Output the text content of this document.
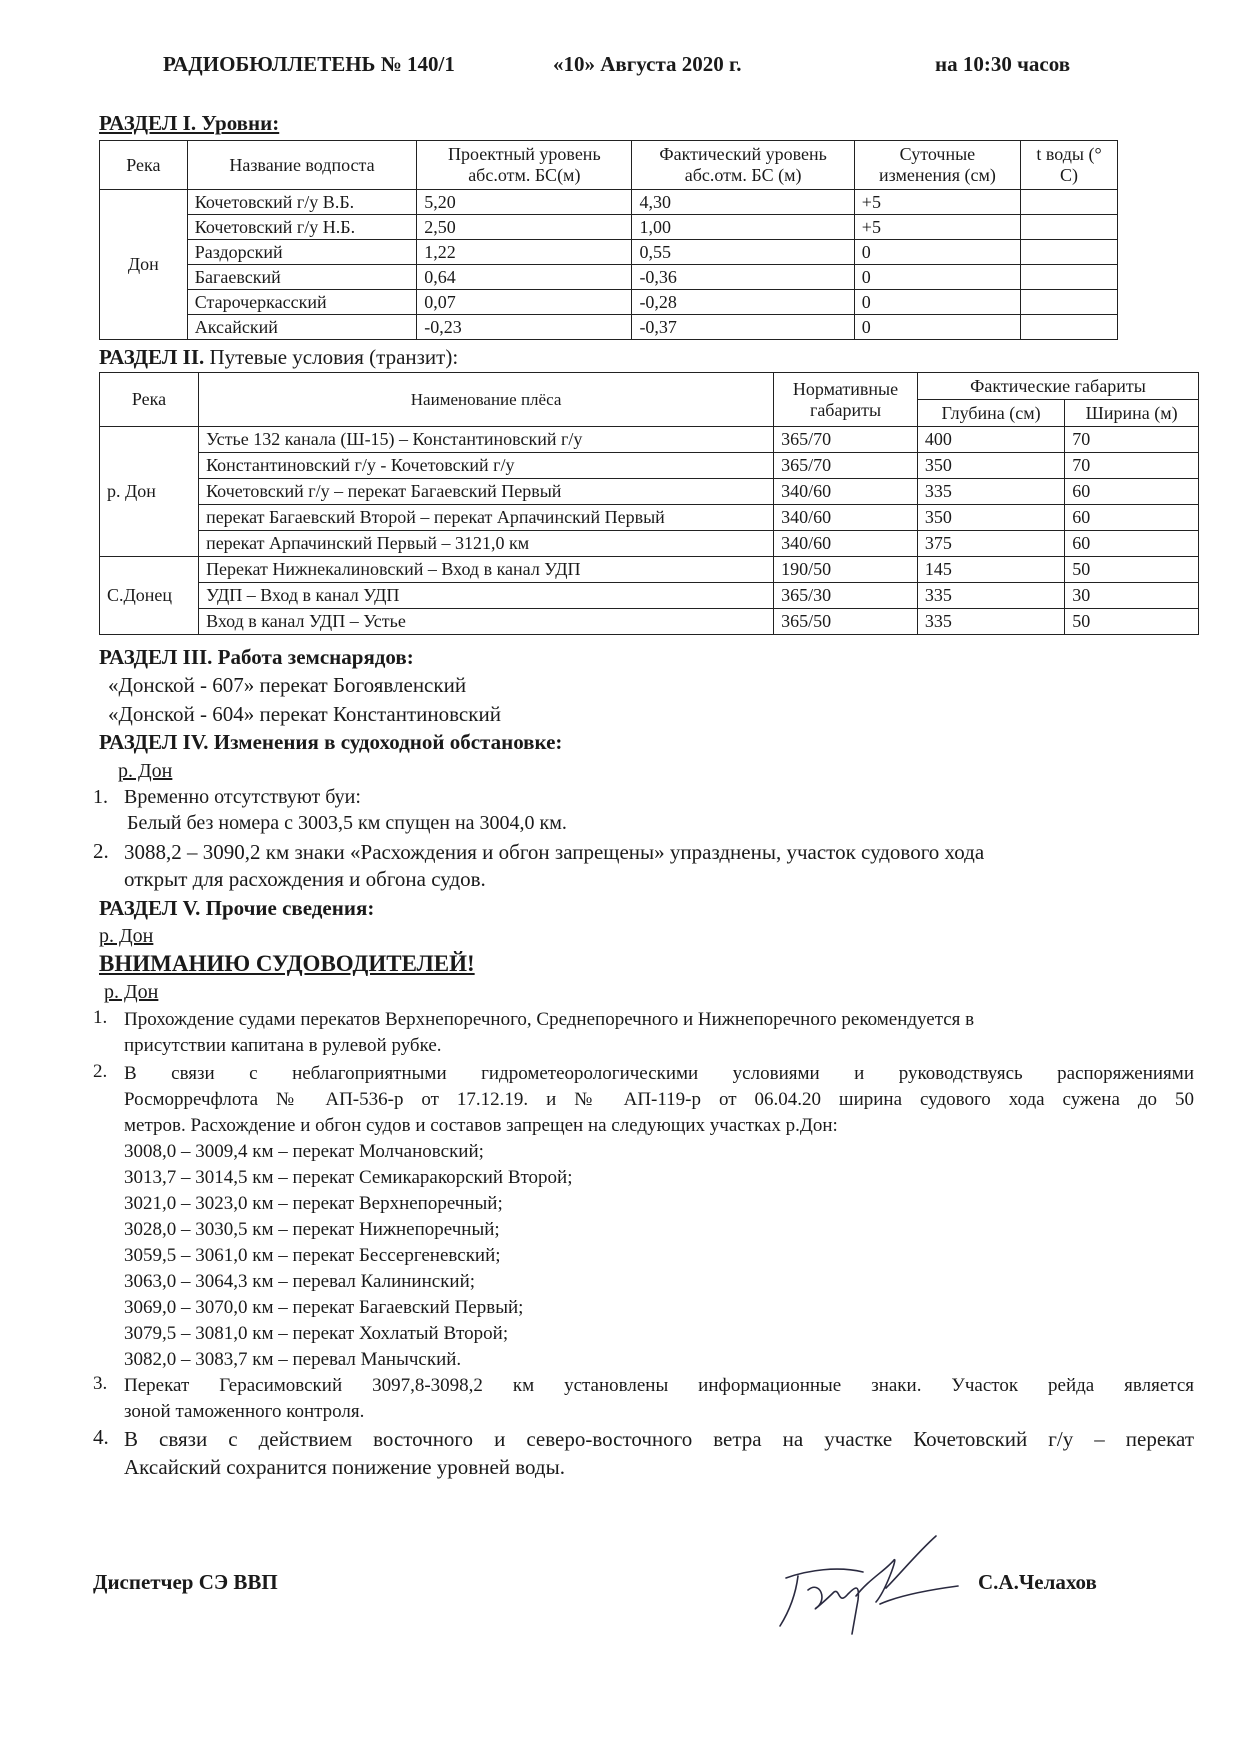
РАДИОБЮЛЛЕТЕНЬ № 140/1	«10» Августа 2020 г.	на 10:30 часов
РАЗДЕЛ I. Уровни:
Река	Название водпоста	Проектный уровень абс.отм. БС(м)	Фактический уровень абс.отм. БС (м)	Суточные изменения (см)	t воды (° С)
Дон	Кочетовский г/у В.Б.	5,20	4,30	+5	
	Кочетовский г/у Н.Б.	2,50	1,00	+5	
	Раздорский	1,22	0,55	0	
	Багаевский	0,64	-0,36	0	
	Старочеркасский	0,07	-0,28	0	
	Аксайский	-0,23	-0,37	0	
РАЗДЕЛ II. Путевые условия (транзит):
Река	Наименование плёса	Нормативные габариты	Фактические габариты	
			Глубина (см)	Ширина (м)
р. Дон	Устье 132 канала (Ш-15) – Константиновский г/у	365/70	400	70
	Константиновский г/у - Кочетовский г/у	365/70	350	70
	Кочетовский г/у – перекат Багаевский Первый	340/60	335	60
	перекат Багаевский Второй – перекат Арпачинский Первый	340/60	350	60
	перекат Арпачинский Первый – 3121,0 км	340/60	375	60
С.Донец	Перекат Нижнекалиновский – Вход в канал УДП	190/50	145	50
	УДП – Вход в канал УДП	365/30	335	30
	Вход в канал УДП – Устье	365/50	335	50
РАЗДЕЛ III. Работа земснарядов:
«Донской - 607» перекат Богоявленский
«Донской - 604» перекат Константиновский
РАЗДЕЛ IV. Изменения в судоходной обстановке:
р. Дон
1. Временно отсутствуют буи:
Белый без номера с 3003,5 км спущен на 3004,0 км.
2. 3088,2 – 3090,2 км знаки «Расхождения и обгон запрещены» упразднены, участок судового хода
открыт для расхождения и обгона судов.
РАЗДЕЛ V. Прочие сведения:
р. Дон
ВНИМАНИЮ СУДОВОДИТЕЛЕЙ!
р. Дон
1. Прохождение судами перекатов Верхнепоречного, Среднепоречного и Нижнепоречного рекомендуется в
присутствии капитана в рулевой рубке.
2. В связи с неблагоприятными гидрометеорологическими условиями и руководствуясь распоряжениями
Росморречфлота № АП-536-р от 17.12.19. и № АП-119-р от 06.04.20 ширина судового хода сужена до 50
метров. Расхождение и обгон судов и составов запрещен на следующих участках р.Дон:
3008,0 – 3009,4 км – перекат Молчановский;
3013,7 – 3014,5 км – перекат Семикаракорский Второй;
3021,0 – 3023,0 км – перекат Верхнепоречный;
3028,0 – 3030,5 км – перекат Нижнепоречный;
3059,5 – 3061,0 км – перекат Бессергеневский;
3063,0 – 3064,3 км – перевал Калининский;
3069,0 – 3070,0 км – перекат Багаевский Первый;
3079,5 – 3081,0 км – перекат Хохлатый Второй;
3082,0 – 3083,7 км – перевал Манычский.
3. Перекат Герасимовский 3097,8-3098,2 км установлены информационные знаки. Участок рейда является
зоной таможенного контроля.
4. В связи с действием восточного и северо-восточного ветра на участке Кочетовский г/у – перекат
Аксайский сохранится понижение уровней воды.
Диспетчер СЭ ВВП	С.А.Челахов
